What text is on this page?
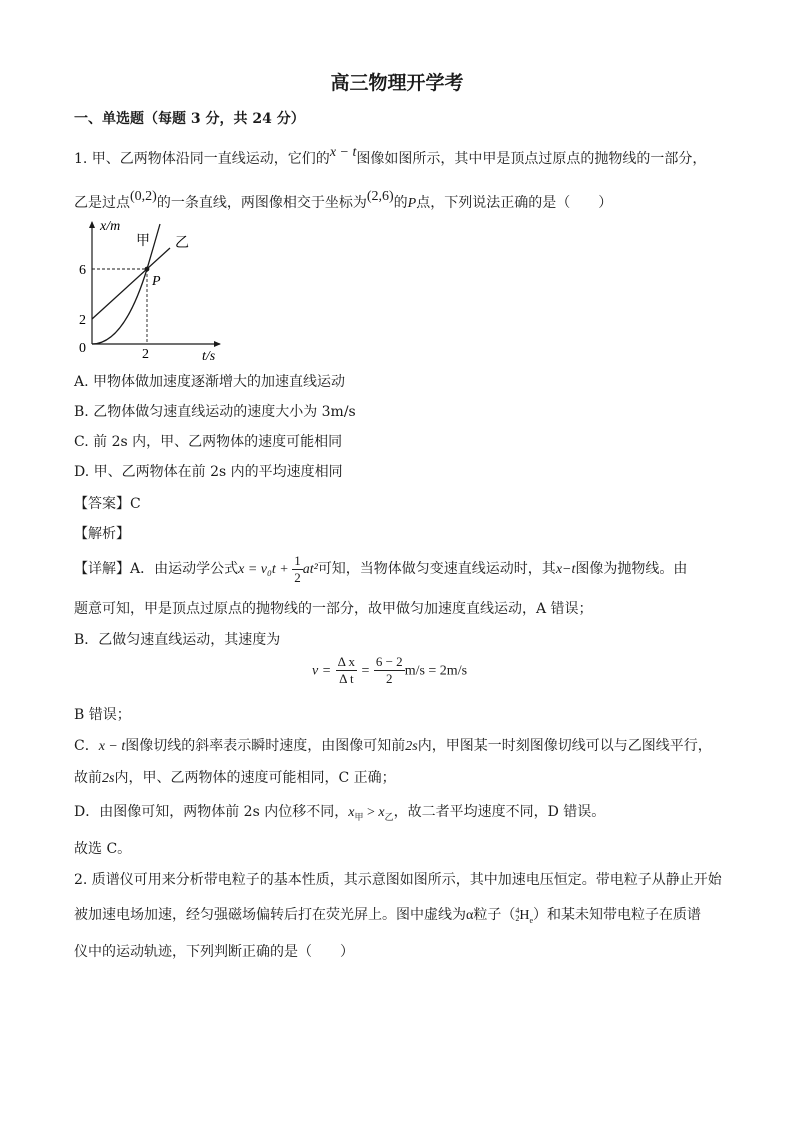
高三物理开学考
一、单选题（每题 3 分，共 24 分）
1. 甲、乙两物体沿同一直线运动，它们的x − t图像如图所示，其中甲是顶点过原点的抛物线的一部分，
乙是过点(0,2)的一条直线，两图像相交于坐标为(2,6)的P点，下列说法正确的是（　　）
x/m
t/s
6
2
0	2
甲 乙
P
A. 甲物体做加速度逐渐增大的加速直线运动
B. 乙物体做匀速直线运动的速度大小为 3m/s
C. 前 2s 内，甲、乙两物体的速度可能相同
D. 甲、乙两物体在前 2s 内的平均速度相同
【答案】C
【解析】
【详解】A．由运动学公式$x = v_0t + \frac{1}{2} at^2$可知，当物体做匀变速直线运动时，其x−t图像为抛物线。由
题意可知，甲是顶点过原点的抛物线的一部分，故甲做匀加速度直线运动，A 错误；
B．乙做匀速直线运动，其速度为
$v = \frac{\text{Δ x}}{\text{Δ t}} = \frac{6 - 2}{2} m/s = 2m/s$
B 错误；
C．x − t图像切线的斜率表示瞬时速度，由图像可知前2s内，甲图某一时刻图像切线可以与乙图线平行，
故前2s内，甲、乙两物体的速度可能相同，C 正确；
D．由图像可知，两物体前 2s 内位移不同，$x_甲 > x_乙$，故二者平均速度不同，D 错误。
故选 C。
2. 质谱仪可用来分析带电粒子的基本性质，其示意图如图所示，其中加速电压恒定。带电粒子从静止开始
被加速电场加速，经匀强磁场偏转后打在荧光屏上。图中虚线为α粒子（ 4
2 $H_e$）和某未知带电粒子在质谱
仪中的运动轨迹，下列判断正确的是（　　）
